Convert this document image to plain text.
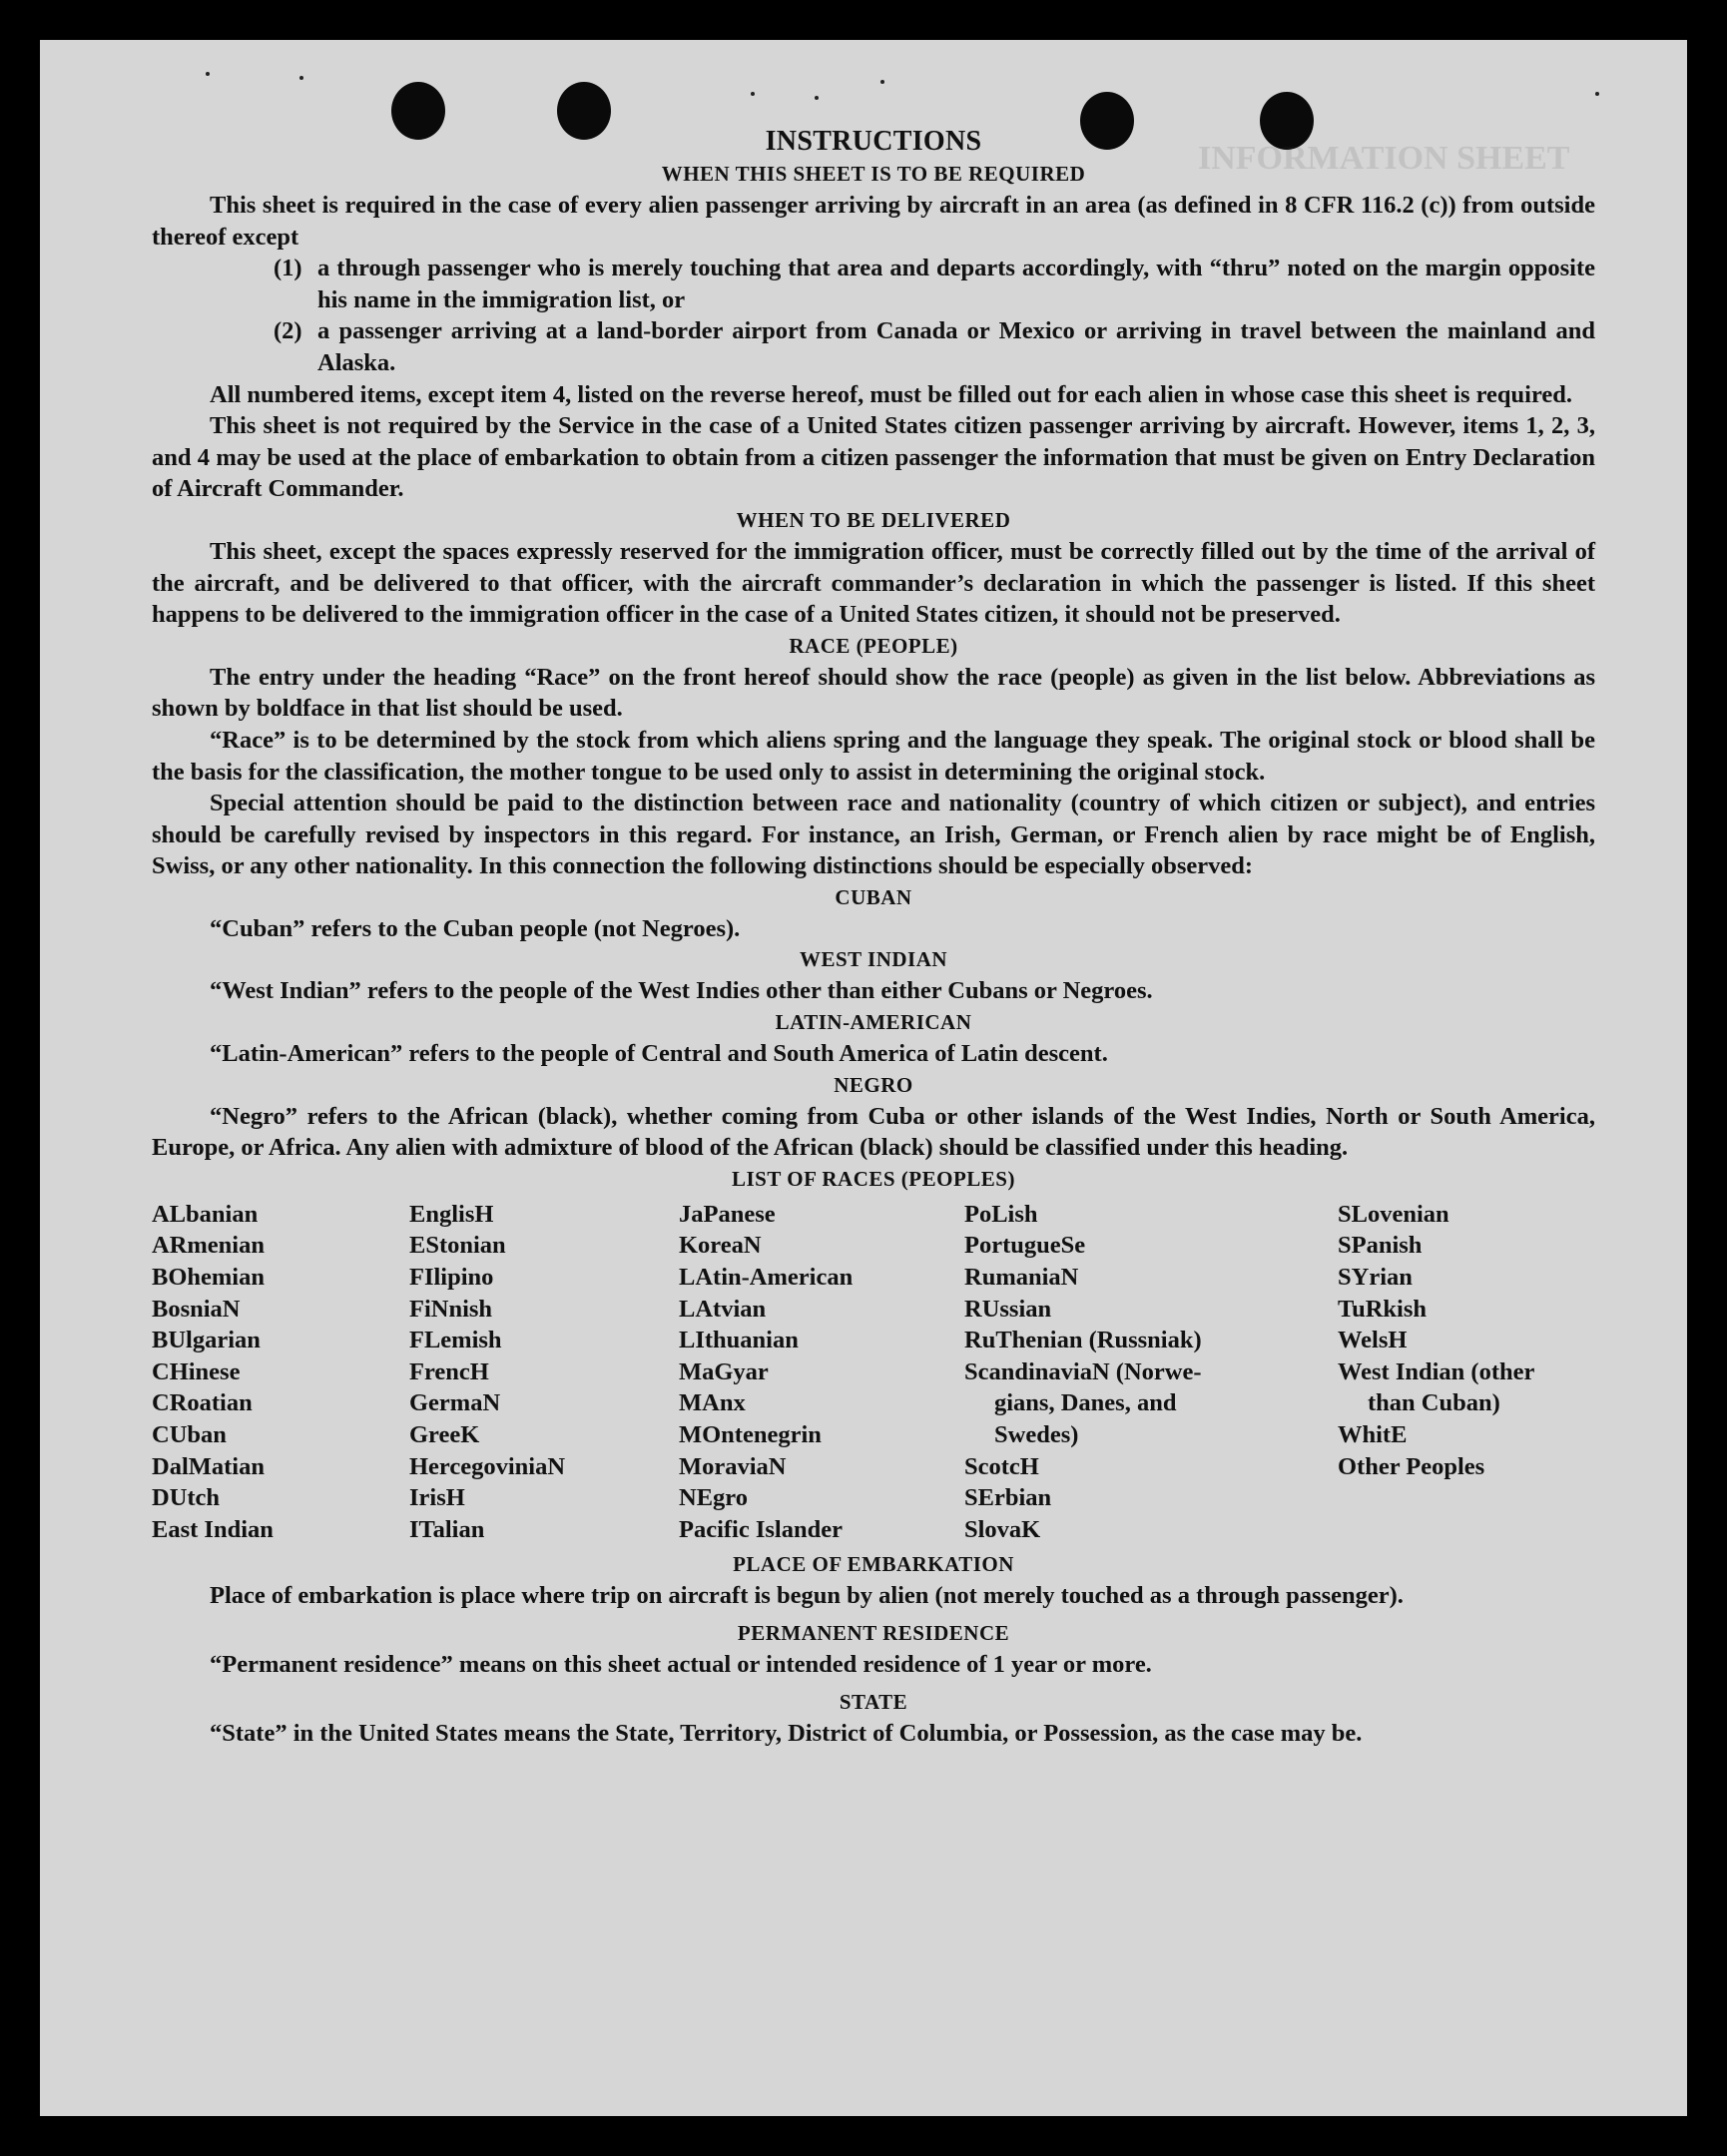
INFORMATION SHEET
INSTRUCTIONS
WHEN THIS SHEET IS TO BE REQUIRED

This sheet is required in the case of every alien passenger arriving by aircraft in an area (as defined in 8 CFR 116.2 (c)) from outside thereof except

(1) a through passenger who is merely touching that area and departs accordingly, with “thru” noted on the margin opposite his name in the immigration list, or
(2) a passenger arriving at a land-border airport from Canada or Mexico or arriving in travel between the mainland and Alaska.

All numbered items, except item 4, listed on the reverse hereof, must be filled out for each alien in whose case this sheet is required.

This sheet is not required by the Service in the case of a United States citizen passenger arriving by aircraft. However, items 1, 2, 3, and 4 may be used at the place of embarkation to obtain from a citizen passenger the information that must be given on Entry Declaration of Aircraft Commander.

WHEN TO BE DELIVERED

This sheet, except the spaces expressly reserved for the immigration officer, must be correctly filled out by the time of the arrival of the aircraft, and be delivered to that officer, with the aircraft commander’s declaration in which the passenger is listed. If this sheet happens to be delivered to the immigration officer in the case of a United States citizen, it should not be preserved.

RACE (PEOPLE)

The entry under the heading “Race” on the front hereof should show the race (people) as given in the list below. Abbreviations as shown by boldface in that list should be used.

“Race” is to be determined by the stock from which aliens spring and the language they speak. The original stock or blood shall be the basis for the classification, the mother tongue to be used only to assist in determining the original stock.

Special attention should be paid to the distinction between race and nationality (country of which citizen or subject), and entries should be carefully revised by inspectors in this regard. For instance, an Irish, German, or French alien by race might be of English, Swiss, or any other nationality. In this connection the following distinctions should be especially observed:

CUBAN

“Cuban” refers to the Cuban people (not Negroes).

WEST INDIAN

“West Indian” refers to the people of the West Indies other than either Cubans or Negroes.

LATIN-AMERICAN

“Latin-American” refers to the people of Central and South America of Latin descent.

NEGRO

“Negro” refers to the African (black), whether coming from Cuba or other islands of the West Indies, North or South America, Europe, or Africa. Any alien with admixture of blood of the African (black) should be classified under this heading.

LIST OF RACES (PEOPLES)
ALbanian
ARmenian
BOhemian
BosniaN
BUlgarian
CHinese
CRoatian
CUban
DalMatian
DUtch
East Indian
EnglisH
EStonian
FIlipino
FiNnish
FLemish
FrencH
GermaN
GreeK
HercegoviniaN
IrisH
ITalian
JaPanese
KoreaN
LAtin-American
LAtvian
LIthuanian
MaGyar
MAnx
MOntenegrin
MoraviaN
NEgro
Pacific Islander
PoLish
PortugueSe
RumaniaN
RUssian
RuThenian (Russniak)
ScandinaviaN (Norwe-
gians, Danes, and
Swedes)
ScotcH
SErbian
SlovaK
SLovenian
SPanish
SYrian
TuRkish
WelsH
West Indian (other
than Cuban)
WhitE
Other Peoples
PLACE OF EMBARKATION

Place of embarkation is place where trip on aircraft is begun by alien (not merely touched as a through passenger).

PERMANENT RESIDENCE

“Permanent residence” means on this sheet actual or intended residence of 1 year or more.

STATE

“State” in the United States means the State, Territory, District of Columbia, or Possession, as the case may be.
